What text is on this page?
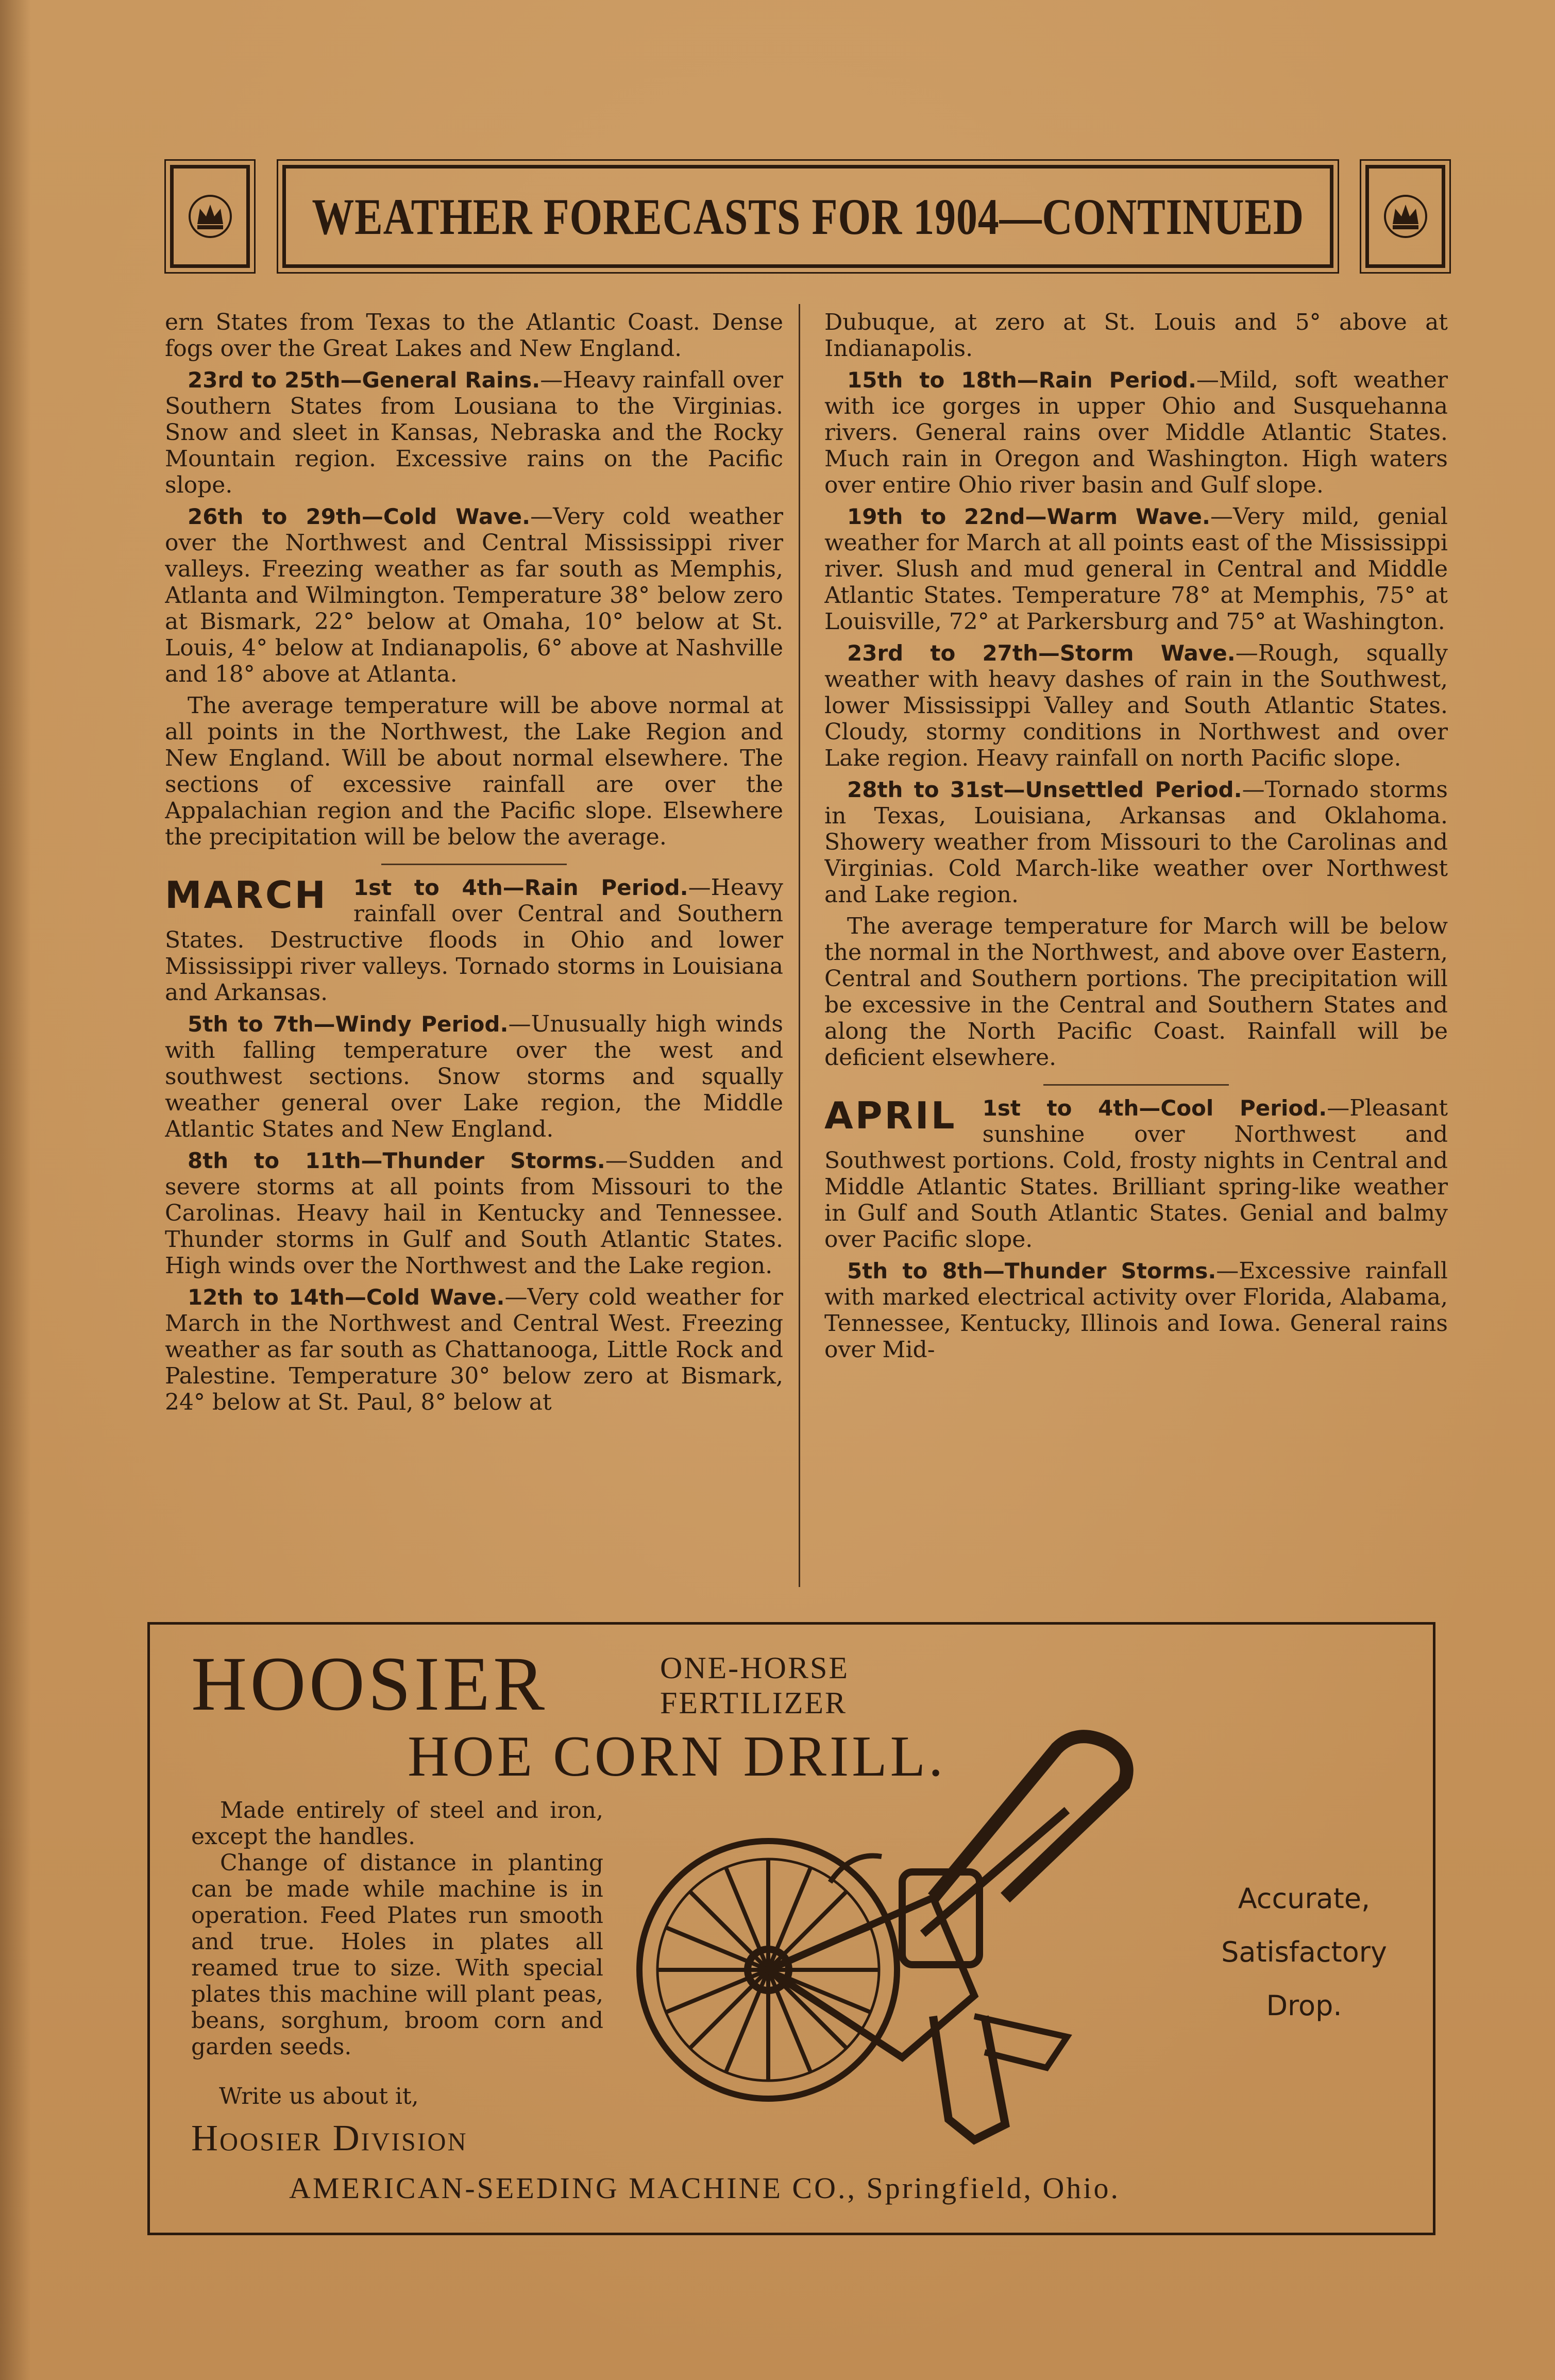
WEATHER FORECASTS FOR 1904—CONTINUED

ern States from Texas to the Atlantic Coast. Dense fogs over the Great Lakes and New England.

23rd to 25th—General Rains.—Heavy rainfall over Southern States from Lousiana to the Virginias. Snow and sleet in Kansas, Nebraska and the Rocky Mountain region. Excessive rains on the Pacific slope.

26th to 29th—Cold Wave.—Very cold weather over the Northwest and Central Mississippi river valleys. Freezing weather as far south as Memphis, Atlanta and Wilmington. Temperature 38° below zero at Bismark, 22° below at Omaha, 10° below at St. Louis, 4° below at Indianapolis, 6° above at Nashville and 18° above at Atlanta.

The average temperature will be above normal at all points in the Northwest, the Lake Region and New England. Will be about normal elsewhere. The sections of excessive rainfall are over the Appalachian region and the Pacific slope. Elsewhere the precipitation will be below the average.

MARCH 1st to 4th—Rain Period.—Heavy rainfall over Central and Southern States. Destructive floods in Ohio and lower Mississippi river valleys. Tornado storms in Louisiana and Arkansas.

5th to 7th—Windy Period.—Unusually high winds with falling temperature over the west and southwest sections. Snow storms and squally weather general over Lake region, the Middle Atlantic States and New England.

8th to 11th—Thunder Storms.—Sudden and severe storms at all points from Missouri to the Carolinas. Heavy hail in Kentucky and Tennessee. Thunder storms in Gulf and South Atlantic States. High winds over the Northwest and the Lake region.

12th to 14th—Cold Wave.—Very cold weather for March in the Northwest and Central West. Freezing weather as far south as Chattanooga, Little Rock and Palestine. Temperature 30° below zero at Bismark, 24° below at St. Paul, 8° below at

Dubuque, at zero at St. Louis and 5° above at Indianapolis.

15th to 18th—Rain Period.—Mild, soft weather with ice gorges in upper Ohio and Susquehanna rivers. General rains over Middle Atlantic States. Much rain in Oregon and Washington. High waters over entire Ohio river basin and Gulf slope.

19th to 22nd—Warm Wave.—Very mild, genial weather for March at all points east of the Mississippi river. Slush and mud general in Central and Middle Atlantic States. Temperature 78° at Memphis, 75° at Louisville, 72° at Parkersburg and 75° at Washington.

23rd to 27th—Storm Wave.—Rough, squally weather with heavy dashes of rain in the Southwest, lower Mississippi Valley and South Atlantic States. Cloudy, stormy conditions in Northwest and over Lake region. Heavy rainfall on north Pacific slope.

28th to 31st—Unsettled Period.—Tornado storms in Texas, Louisiana, Arkansas and Oklahoma. Showery weather from Missouri to the Carolinas and Virginias. Cold March-like weather over Northwest and Lake region.

The average temperature for March will be below the normal in the Northwest, and above over Eastern, Central and Southern portions. The precipitation will be excessive in the Central and Southern States and along the North Pacific Coast. Rainfall will be deficient elsewhere.

APRIL 1st to 4th—Cool Period.—Pleasant sunshine over Northwest and Southwest portions. Cold, frosty nights in Central and Middle Atlantic States. Brilliant spring-like weather in Gulf and South Atlantic States. Genial and balmy over Pacific slope.

5th to 8th—Thunder Storms.—Excessive rainfall with marked electrical activity over Florida, Alabama, Tennessee, Kentucky, Illinois and Iowa. General rains over Mid-

HOOSIER	ONE-HORSE
FERTILIZER
HOE CORN DRILL.

Made entirely of steel and iron, except the handles.

Change of distance in planting can be made while machine is in operation. Feed Plates run smooth and true. Holes in plates all reamed true to size. With special plates this machine will plant peas, beans, sorghum, broom corn and garden seeds.

Write us about it,
Hoosier Division
AMERICAN-SEEDING MACHINE CO., Springfield, Ohio.
Accurate,
Satisfactory
Drop.
